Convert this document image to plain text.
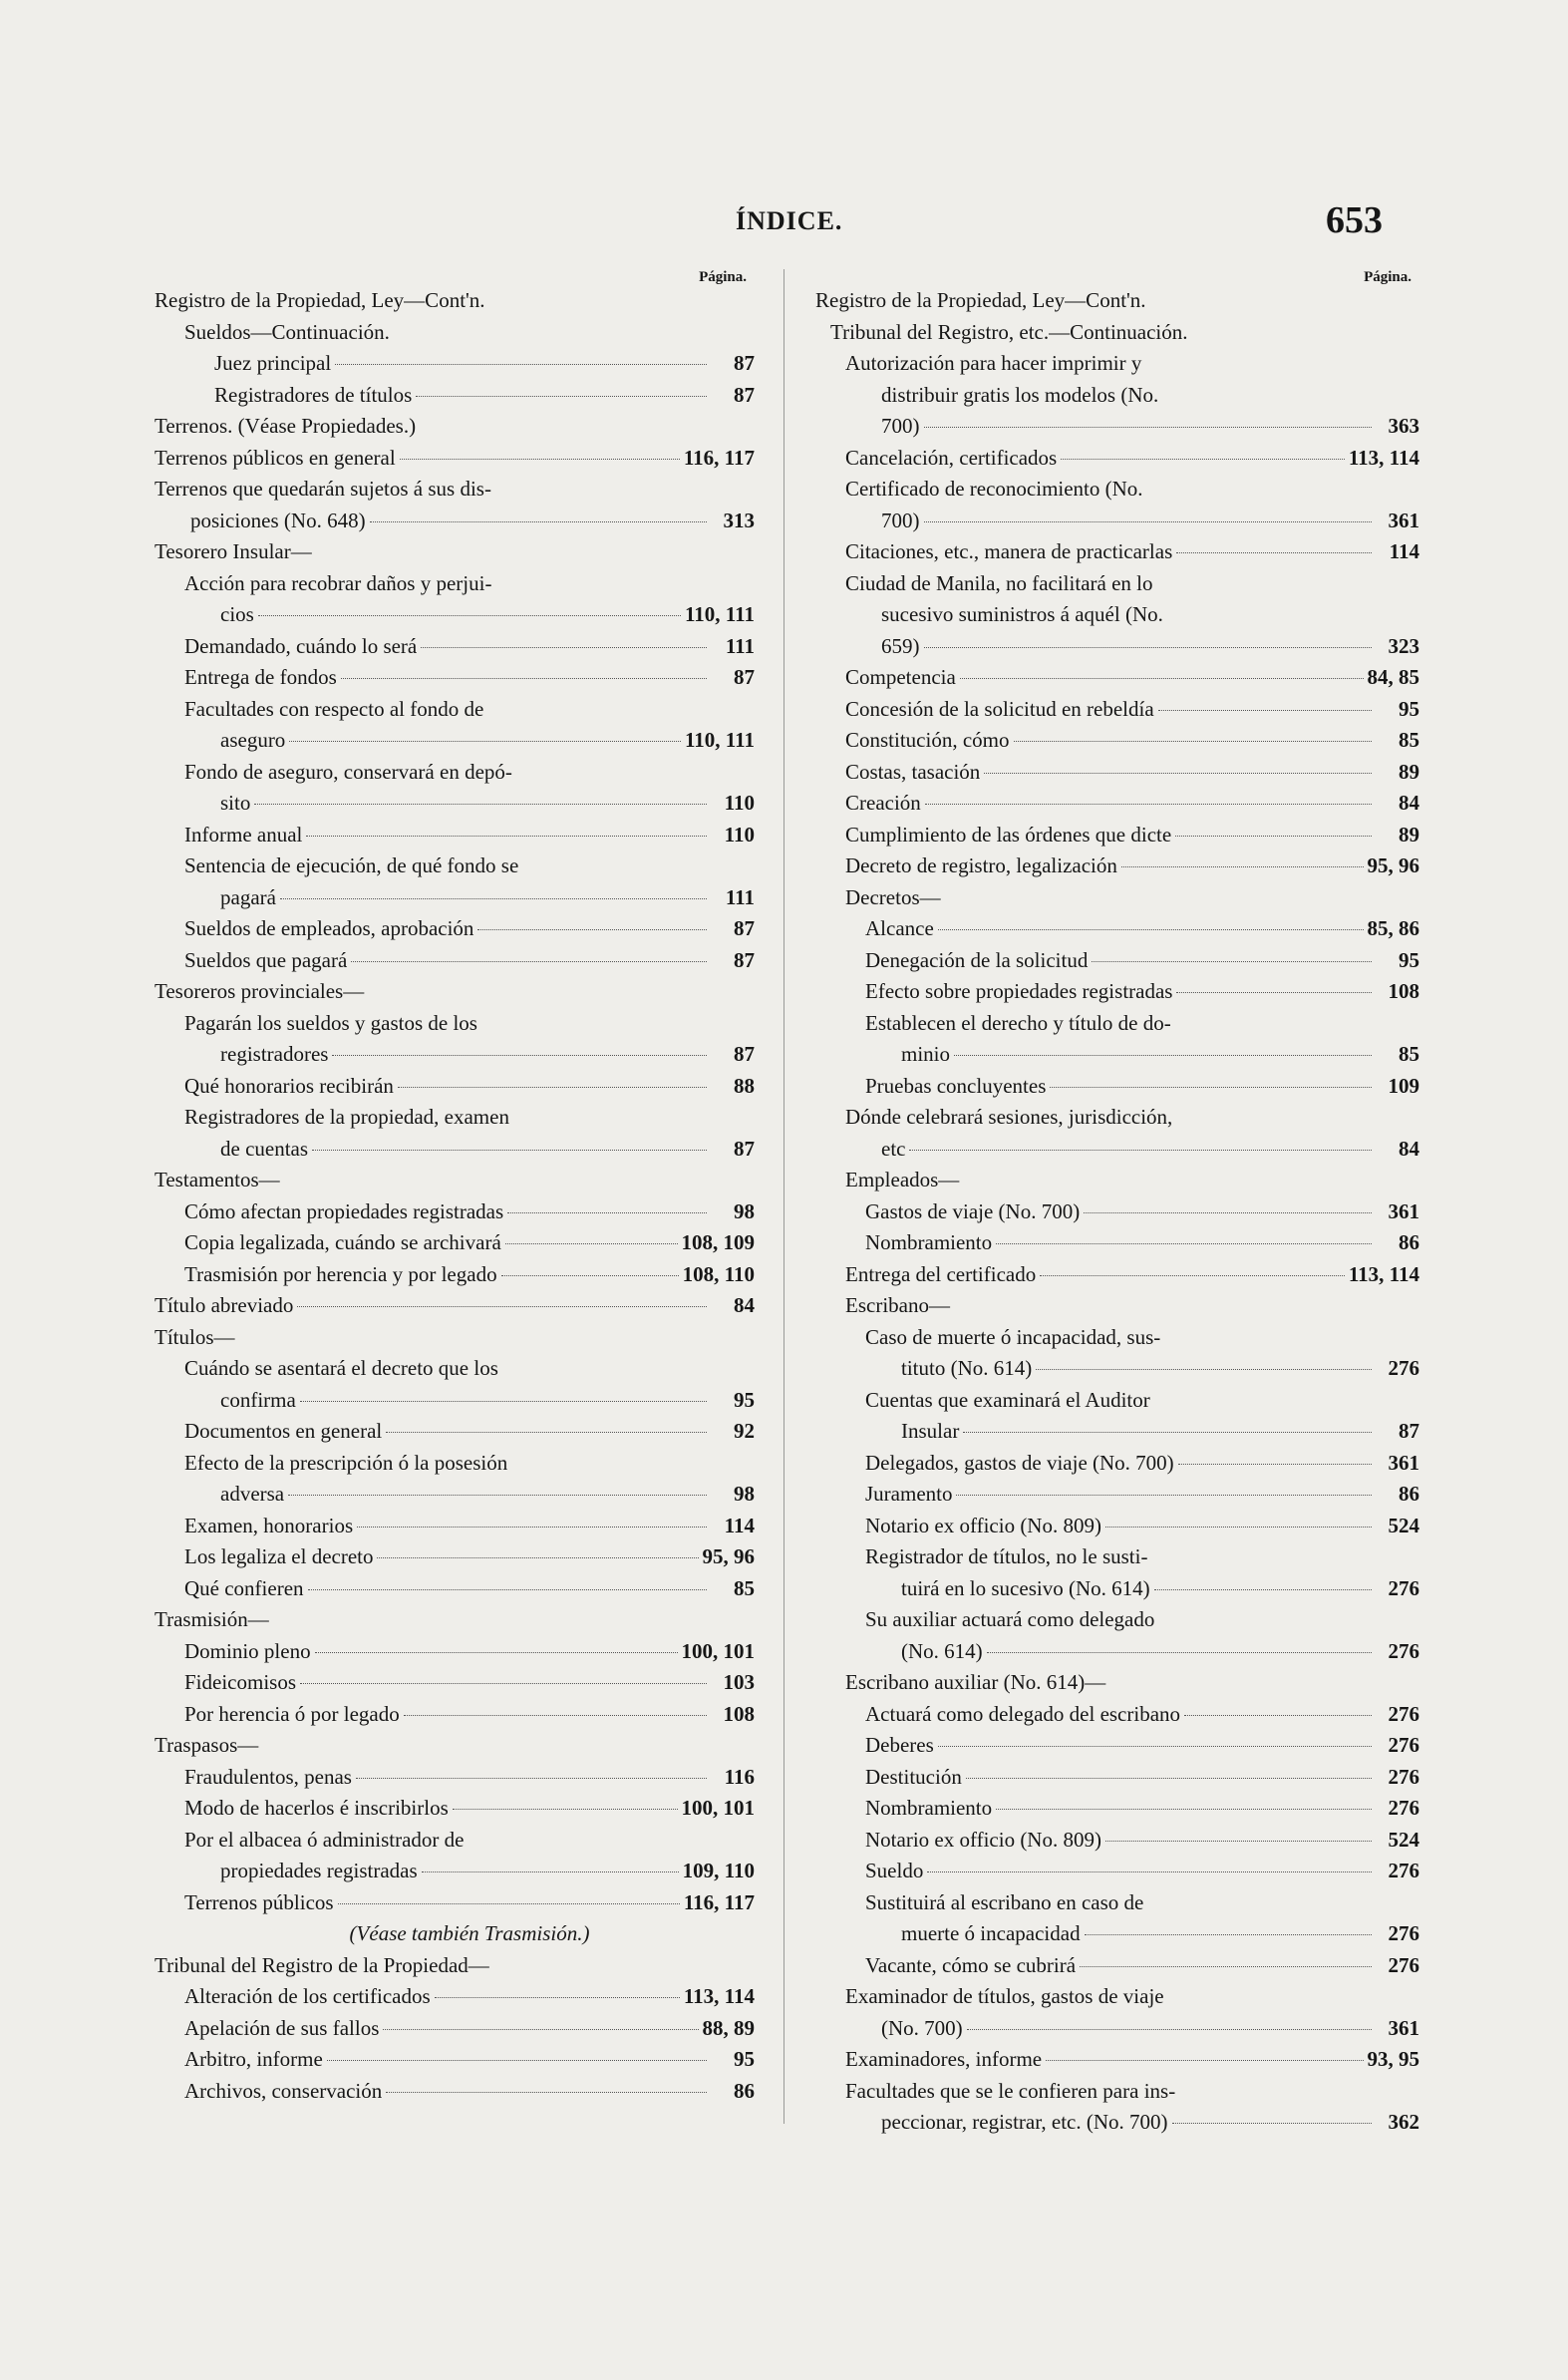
ÍNDICE.	653
Página.
Registro de la Propiedad, Ley—Cont'n.
Sueldos—Continuación.
Juez principal	87
Registradores de títulos	87
Terrenos. (Véase Propiedades.)
Terrenos públicos en general	116, 117
Terrenos que quedarán sujetos á sus dis-
posiciones (No. 648)	313
Tesorero Insular—
Acción para recobrar daños y perjui-
cios	110, 111
Demandado, cuándo lo será	111
Entrega de fondos	87
Facultades con respecto al fondo de
aseguro	110, 111
Fondo de aseguro, conservará en depó-
sito	110
Informe anual	110
Sentencia de ejecución, de qué fondo se
pagará	111
Sueldos de empleados, aprobación	87
Sueldos que pagará	87
Tesoreros provinciales—
Pagarán los sueldos y gastos de los
registradores	87
Qué honorarios recibirán	88
Registradores de la propiedad, examen
de cuentas	87
Testamentos—
Cómo afectan propiedades registradas	98
Copia legalizada, cuándo se archivará	108, 109
Trasmisión por herencia y por legado	108, 110
Título abreviado	84
Títulos—
Cuándo se asentará el decreto que los
confirma	95
Documentos en general	92
Efecto de la prescripción ó la posesión
adversa	98
Examen, honorarios	114
Los legaliza el decreto	95, 96
Qué confieren	85
Trasmisión—
Dominio pleno	100, 101
Fideicomisos	103
Por herencia ó por legado	108
Traspasos—
Fraudulentos, penas	116
Modo de hacerlos é inscribirlos	100, 101
Por el albacea ó administrador de
propiedades registradas	109, 110
Terrenos públicos	116, 117
(Véase también Trasmisión.)
Tribunal del Registro de la Propiedad—
Alteración de los certificados	113, 114
Apelación de sus fallos	88, 89
Arbitro, informe	95
Archivos, conservación	86
Página.
Registro de la Propiedad, Ley—Cont'n.
Tribunal del Registro, etc.—Continuación.
Autorización para hacer imprimir y
distribuir gratis los modelos (No.
700)	363
Cancelación, certificados	113, 114
Certificado de reconocimiento (No.
700)	361
Citaciones, etc., manera de practicarlas	114
Ciudad de Manila, no facilitará en lo
sucesivo suministros á aquél (No.
659)	323
Competencia	84, 85
Concesión de la solicitud en rebeldía	95
Constitución, cómo	85
Costas, tasación	89
Creación	84
Cumplimiento de las órdenes que dicte	89
Decreto de registro, legalización	95, 96
Decretos—
Alcance	85, 86
Denegación de la solicitud	95
Efecto sobre propiedades registradas	108
Establecen el derecho y título de do-
minio	85
Pruebas concluyentes	109
Dónde celebrará sesiones, jurisdicción,
etc	84
Empleados—
Gastos de viaje (No. 700)	361
Nombramiento	86
Entrega del certificado	113, 114
Escribano—
Caso de muerte ó incapacidad, sus-
tituto (No. 614)	276
Cuentas que examinará el Auditor
Insular	87
Delegados, gastos de viaje (No. 700)	361
Juramento	86
Notario ex officio (No. 809)	524
Registrador de títulos, no le susti-
tuirá en lo sucesivo (No. 614)	276
Su auxiliar actuará como delegado
(No. 614)	276
Escribano auxiliar (No. 614)—
Actuará como delegado del escribano	276
Deberes	276
Destitución	276
Nombramiento	276
Notario ex officio (No. 809)	524
Sueldo	276
Sustituirá al escribano en caso de
muerte ó incapacidad	276
Vacante, cómo se cubrirá	276
Examinador de títulos, gastos de viaje
(No. 700)	361
Examinadores, informe	93, 95
Facultades que se le confieren para ins-
peccionar, registrar, etc. (No. 700)	362
